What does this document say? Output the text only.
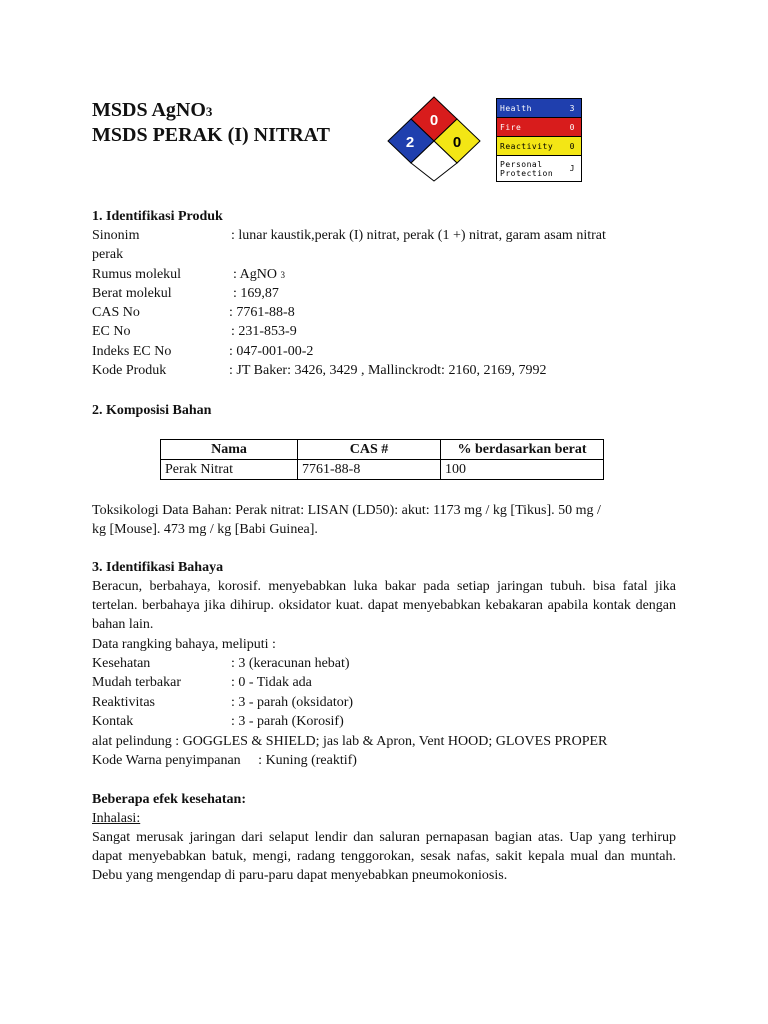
MSDS AgNO3
MSDS PERAK (I) NITRAT
0
2	0
Health	3
Fire	0
Reactivity 0
Personal
Protection J
1. Identifikasi Produk
Sinonim	: lunar kaustik,perak (I) nitrat, perak (1 +) nitrat, garam asam nitrat
perak
Rumus molekul	: AgNO 3
Berat molekul	: 169,87
CAS No	: 7761-88-8
EC No	: 231-853-9
Indeks EC No	: 047-001-00-2
Kode Produk	: JT Baker: 3426, 3429 , Mallinckrodt: 2160, 2169, 7992
2. Komposisi Bahan
Nama	CAS #	% berdasarkan berat
Perak Nitrat	7761-88-8	100
Toksikologi Data Bahan: Perak nitrat: LISAN (LD50): akut: 1173 mg / kg [Tikus]. 50 mg /
kg [Mouse]. 473 mg / kg [Babi Guinea].
3. Identifikasi Bahaya
Beracun, berbahaya, korosif. menyebabkan luka bakar pada setiap jaringan tubuh. bisa fatal jika tertelan. berbahaya jika dihirup. oksidator kuat. dapat menyebabkan kebakaran apabila kontak dengan bahan lain.
Data rangking bahaya, meliputi :
Kesehatan	: 3 (keracunan hebat)
Mudah terbakar	: 0 - Tidak ada
Reaktivitas	: 3 - parah (oksidator)
Kontak	: 3 - parah (Korosif)
alat pelindung : GOGGLES & SHIELD; jas lab & Apron, Vent HOOD; GLOVES PROPER
Kode Warna penyimpanan     : Kuning (reaktif)
Beberapa efek kesehatan:
Inhalasi:
Sangat merusak jaringan dari selaput lendir dan saluran pernapasan bagian atas. Uap yang terhirup dapat menyebabkan batuk, mengi, radang tenggorokan, sesak nafas, sakit kepala mual dan muntah. Debu yang mengendap di paru-paru dapat menyebabkan pneumokoniosis.
